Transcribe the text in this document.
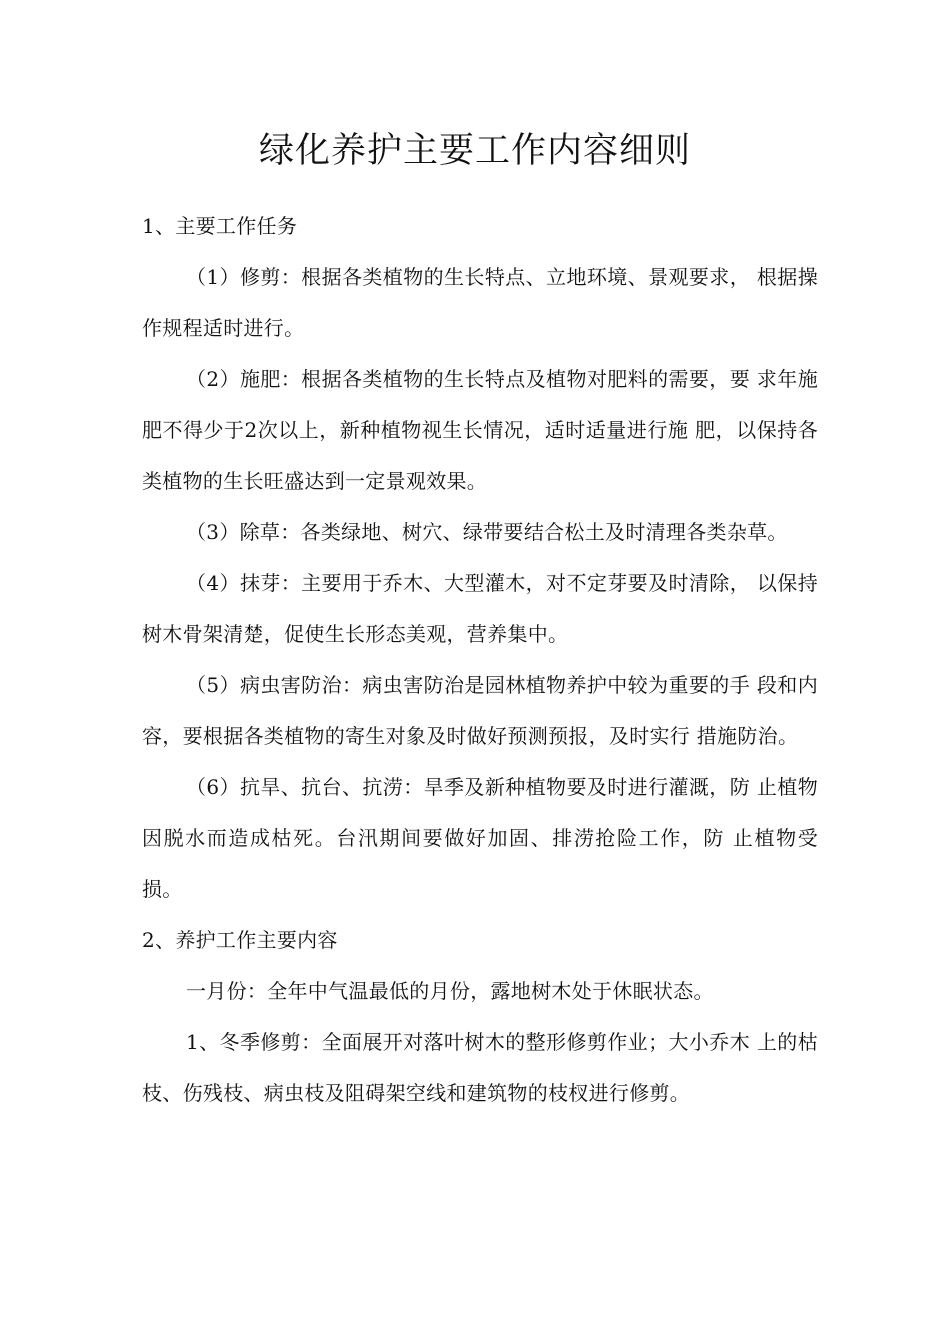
绿化养护主要工作内容细则

1、主要工作任务

（1）修剪：根据各类植物的生长特点、立地环境、景观要求， 根据操作规程适时进行。

（2）施肥：根据各类植物的生长特点及植物对肥料的需要，要 求年施肥不得少于2次以上，新种植物视生长情况，适时适量进行施 肥，以保持各类植物的生长旺盛达到一定景观效果。

（3）除草：各类绿地、树穴、绿带要结合松土及时清理各类杂草。

（4）抹芽：主要用于乔木、大型灌木，对不定芽要及时清除， 以保持树木骨架清楚，促使生长形态美观，营养集中。

（5）病虫害防治：病虫害防治是园林植物养护中较为重要的手 段和内容，要根据各类植物的寄生对象及时做好预测预报，及时实行 措施防治。

（6）抗旱、抗台、抗涝：旱季及新种植物要及时进行灌溉，防 止植物因脱水而造成枯死。台汛期间要做好加固、排涝抢险工作，防 止植物受损。

2、养护工作主要内容

一月份：全年中气温最低的月份，露地树木处于休眠状态。

1、冬季修剪：全面展开对落叶树木的整形修剪作业；大小乔木 上的枯枝、伤残枝、病虫枝及阻碍架空线和建筑物的枝杈进行修剪。
